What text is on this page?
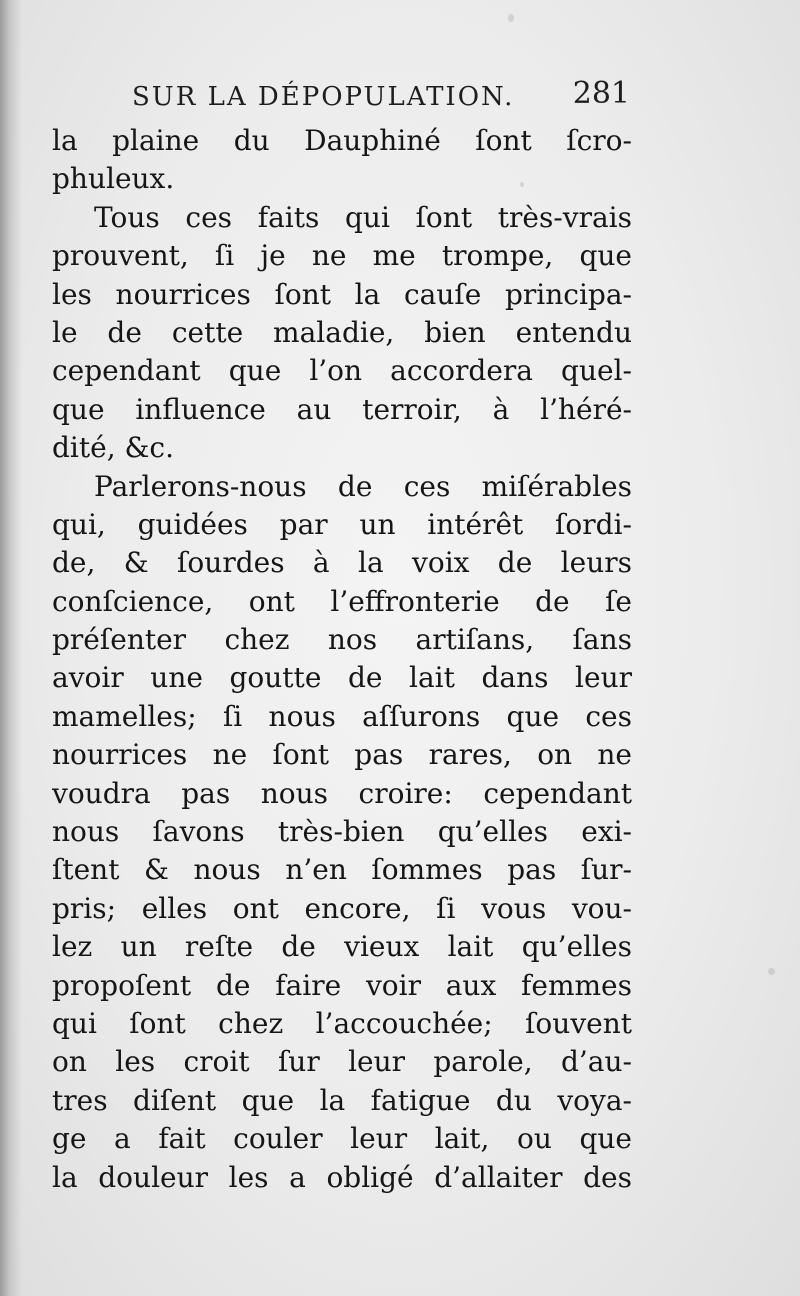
SUR LA DÉPOPULATION. 281
la plaine du Dauphiné ſont ſcro-
phuleux.
Tous ces faits qui ſont très-vrais
prouvent, ſi je ne me trompe, que
les nourrices ſont la cauſe principa-
le de cette maladie, bien entendu
cependant que l’on accordera quel-
que influence au terroir, à l’héré-
dité, &c.
Parlerons-nous de ces miſérables
qui, guidées par un intérêt ſordi-
de, & ſourdes à la voix de leurs
conſcience, ont l’effronterie de ſe
préſenter chez nos artiſans, ſans
avoir une goutte de lait dans leur
mamelles; ſi nous aſſurons que ces
nourrices ne ſont pas rares, on ne
voudra pas nous croire: cependant
nous ſavons très-bien qu’elles exi-
ſtent & nous n’en ſommes pas ſur-
pris; elles ont encore, ſi vous vou-
lez un reſte de vieux lait qu’elles
propoſent de faire voir aux femmes
qui ſont chez l’accouchée; ſouvent
on les croit ſur leur parole, d’au-
tres diſent que la fatigue du voya-
ge a fait couler leur lait, ou que
la douleur les a obligé d’allaiter des
